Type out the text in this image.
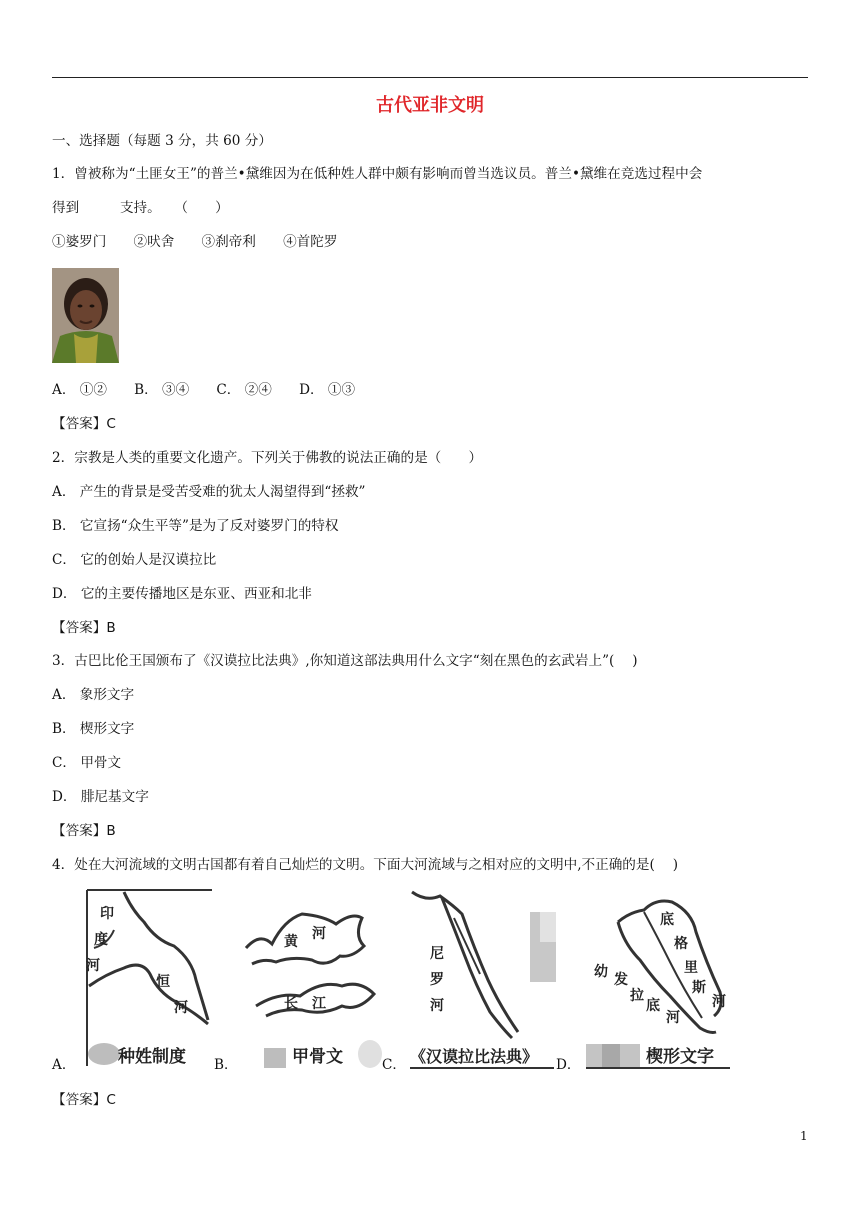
古代亚非文明
一、选择题（每题 3 分，共 60 分）
1．曾被称为“土匪女王”的普兰•黛维因为在低种姓人群中颇有影响而曾当选议员。普兰•黛维在竞选过程中会
得到　　　支持。　　（　　）
①婆罗门　　②吠舍　　③刹帝利　　④首陀罗
A． ①②　　B． ③④　　C． ②④　　D． ①③
【答案】C
2．宗教是人类的重要文化遗产。下列关于佛教的说法正确的是（　　）
A． 产生的背景是受苦受难的犹太人渴望得到“拯救”
B． 它宣扬“众生平等”是为了反对婆罗门的特权
C． 它的创始人是汉谟拉比
D． 它的主要传播地区是东亚、西亚和北非
【答案】B
3．古巴比伦王国颁布了《汉谟拉比法典》,你知道这部法典用什么文字“刻在黑色的玄武岩上”(　 )
A． 象形文字
B． 楔形文字
C． 甲骨文
D． 腓尼基文字
【答案】B
4．处在大河流域的文明古国都有着自己灿烂的文明。下面大河流域与之相对应的文明中,不正确的是(　 )
A．
印
度
河
恒
河
种姓制度 B．
黄 河
长 江
甲骨文	C．
尼
罗
河
《汉谟拉比法典》 D．
幼 发
拉
底
河
底
格
里
斯
河
楔形文字
【答案】C
1
